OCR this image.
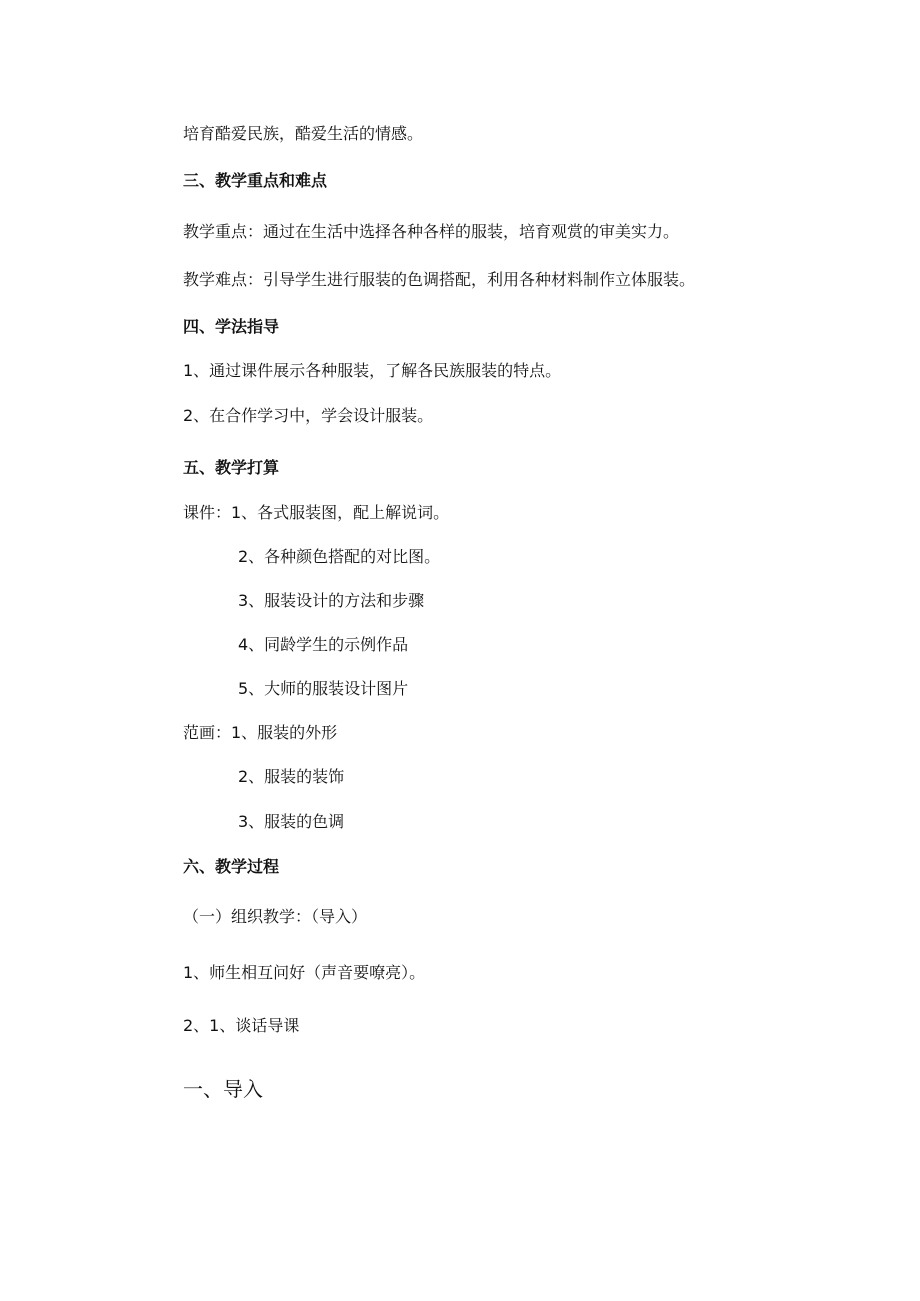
培育酷爱民族，酷爱生活的情感。
三、教学重点和难点
教学重点：通过在生活中选择各种各样的服装，培育观赏的审美实力。
教学难点：引导学生进行服装的色调搭配，利用各种材料制作立体服装。
四、学法指导
1、通过课件展示各种服装，了解各民族服装的特点。
2、在合作学习中，学会设计服装。
五、教学打算
课件：1、各式服装图，配上解说词。
2、各种颜色搭配的对比图。
3、服装设计的方法和步骤
4、同龄学生的示例作品
5、大师的服装设计图片
范画：1、服装的外形
2、服装的装饰
3、服装的色调
六、教学过程
（一）组织教学：（导入）
1、师生相互问好（声音要嘹亮）。
2、1、谈话导课
一、导入
